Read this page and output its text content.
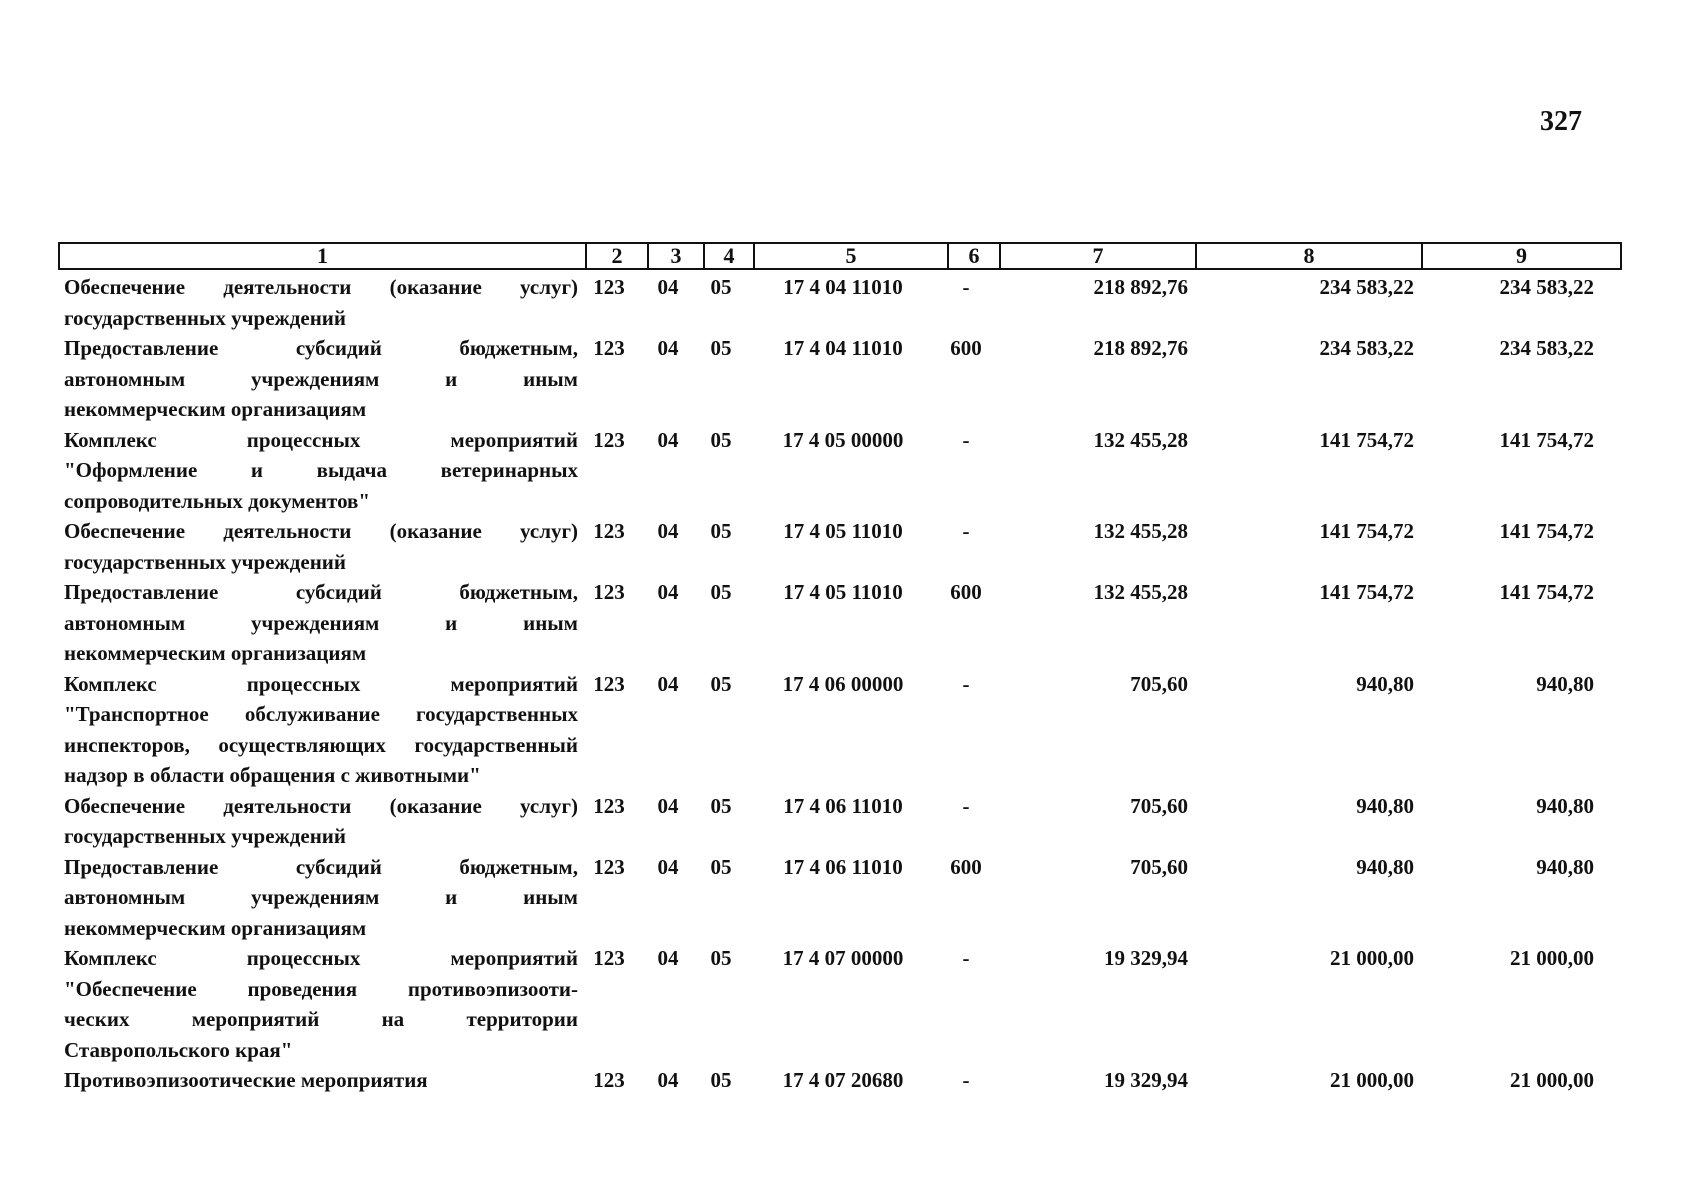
327
1	2	3	4	5	6	7	8	9
Обеспечение деятельности (оказание услуг)
государственных учреждений
123	04	05	17 4 04 11010	-	218 892,76	234 583,22	234 583,22
Предоставление субсидий бюджетным,
автономным учреждениям и иным
некоммерческим организациям
123	04	05	17 4 04 11010	600	218 892,76	234 583,22	234 583,22
Комплекс процессных мероприятий
"Оформление и выдача ветеринарных
сопроводительных документов"
123	04	05	17 4 05 00000	-	132 455,28	141 754,72	141 754,72
Обеспечение деятельности (оказание услуг)
государственных учреждений
123	04	05	17 4 05 11010	-	132 455,28	141 754,72	141 754,72
Предоставление субсидий бюджетным,
автономным учреждениям и иным
некоммерческим организациям
123	04	05	17 4 05 11010	600	132 455,28	141 754,72	141 754,72
Комплекс процессных мероприятий
"Транспортное обслуживание государственных
инспекторов, осуществляющих государственный
надзор в области обращения с животными"
123	04	05	17 4 06 00000	-	705,60	940,80	940,80
Обеспечение деятельности (оказание услуг)
государственных учреждений
123	04	05	17 4 06 11010	-	705,60	940,80	940,80
Предоставление субсидий бюджетным,
автономным учреждениям и иным
некоммерческим организациям
123	04	05	17 4 06 11010	600	705,60	940,80	940,80
Комплекс процессных мероприятий
"Обеспечение проведения противоэпизооти-
ческих мероприятий на территории
Ставропольского края"
123	04	05	17 4 07 00000	-	19 329,94	21 000,00	21 000,00
Противоэпизоотические мероприятия	123	04	05	17 4 07 20680	-	19 329,94	21 000,00	21 000,00
